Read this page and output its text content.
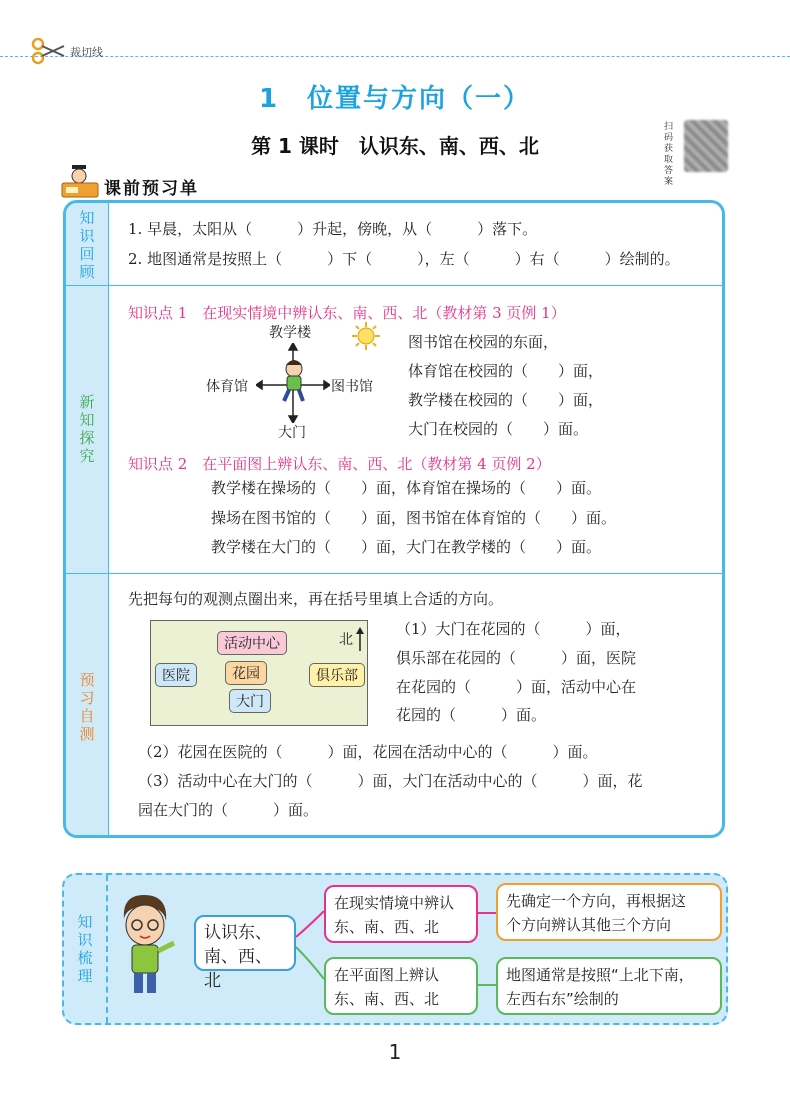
裁切线
1　位置与方向（一）
第 1 课时　认识东、南、西、北
扫码获取答案
课前预习单
知识回顾
新知探究
预习自测
1. 早晨，太阳从（　　　）升起，傍晚，从（　　　）落下。
2. 地图通常是按照上（　　　）下（　　　），左（　　　）右（　　　）绘制的。
知识点 1　在现实情境中辨认东、南、西、北（教材第 3 页例 1）
教学楼
体育馆	图书馆
大门
图书馆在校园的东面，
体育馆在校园的（　　）面，
教学楼在校园的（　　）面，
大门在校园的（　　）面。
知识点 2　在平面图上辨认东、南、西、北（教材第 4 页例 2）
教学楼在操场的（　　）面，体育馆在操场的（　　）面。
操场在图书馆的（　　）面，图书馆在体育馆的（　　）面。
教学楼在大门的（　　）面，大门在教学楼的（　　）面。
先把每句的观测点圈出来，再在括号里填上合适的方向。
活动中心
花园
医院	俱乐部
大门
北
（1）大门在花园的（　　　）面，
俱乐部在花园的（　　　）面，医院
在花园的（　　　）面，活动中心在
花园的（　　　）面。
（2）花园在医院的（　　　）面，花园在活动中心的（　　　）面。
（3）活动中心在大门的（　　　）面，大门在活动中心的（　　　）面，花
园在大门的（　　　）面。
知识梳理
认识东、
南、西、北
在现实情境中辨认
东、南、西、北
先确定一个方向，再根据这
个方向辨认其他三个方向
在平面图上辨认
东、南、西、北
地图通常是按照“上北下南，
左西右东”绘制的
1
